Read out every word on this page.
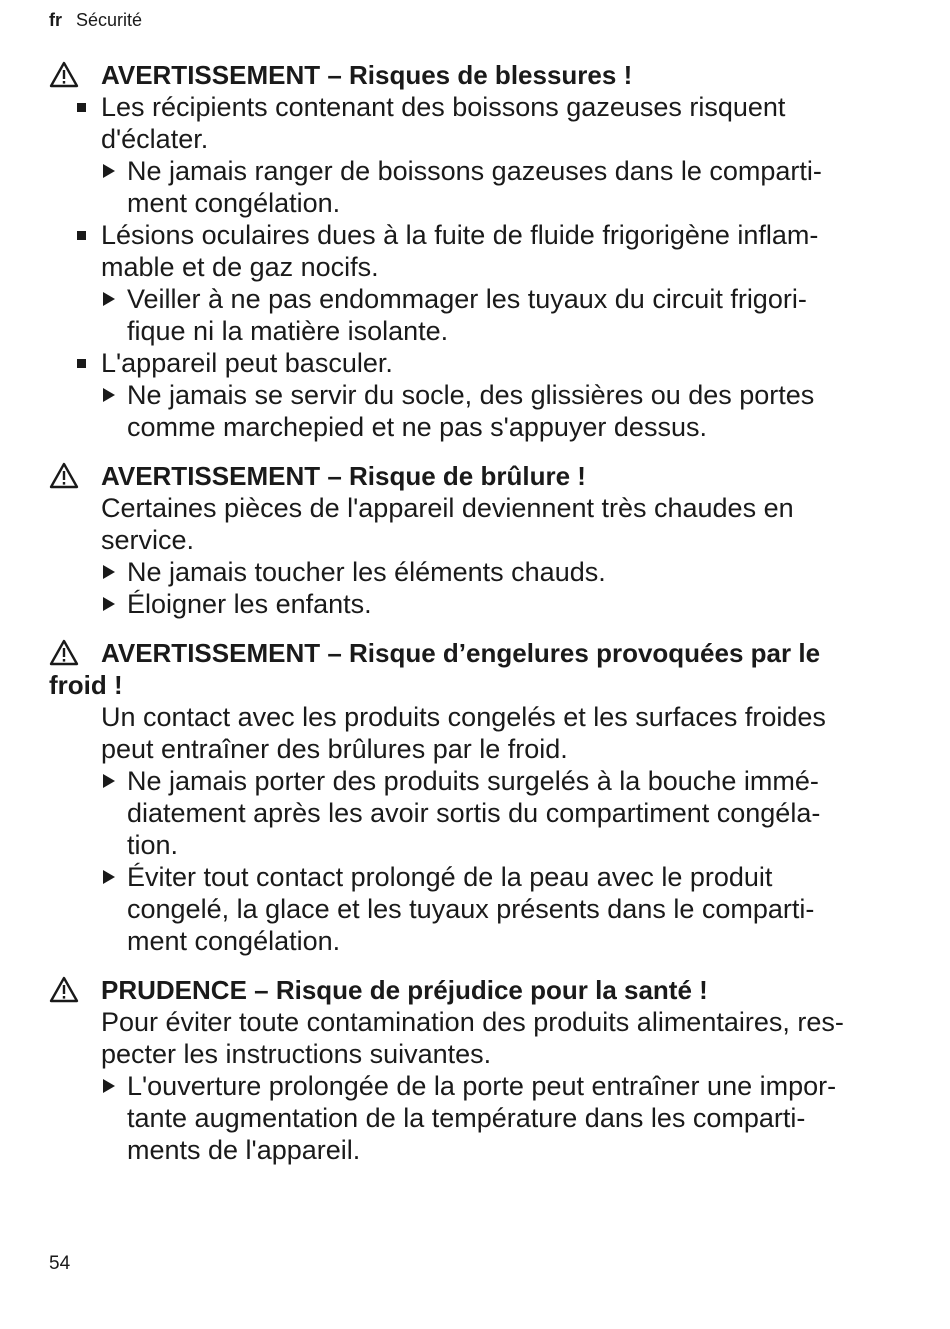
fr Sécurité
AVERTISSEMENT – Risques de blessures !
Les récipients contenant des boissons gazeuses risquent
d'éclater.
Ne jamais ranger de boissons gazeuses dans le comparti-
ment congélation.
Lésions oculaires dues à la fuite de fluide frigorigène inflam-
mable et de gaz nocifs.
Veiller à ne pas endommager les tuyaux du circuit frigori-
fique ni la matière isolante.
L'appareil peut basculer.
Ne jamais se servir du socle, des glissières ou des portes
comme marchepied et ne pas s'appuyer dessus.
AVERTISSEMENT – Risque de brûlure !
Certaines pièces de l'appareil deviennent très chaudes en
service.
Ne jamais toucher les éléments chauds.
Éloigner les enfants.
AVERTISSEMENT – Risque d’engelures provoquées par le
froid !
Un contact avec les produits congelés et les surfaces froides
peut entraîner des brûlures par le froid.
Ne jamais porter des produits surgelés à la bouche immé-
diatement après les avoir sortis du compartiment congéla-
tion.
Éviter tout contact prolongé de la peau avec le produit
congelé, la glace et les tuyaux présents dans le comparti-
ment congélation.
PRUDENCE – Risque de préjudice pour la santé !
Pour éviter toute contamination des produits alimentaires, res-
pecter les instructions suivantes.
L'ouverture prolongée de la porte peut entraîner une impor-
tante augmentation de la température dans les comparti-
ments de l'appareil.
54
